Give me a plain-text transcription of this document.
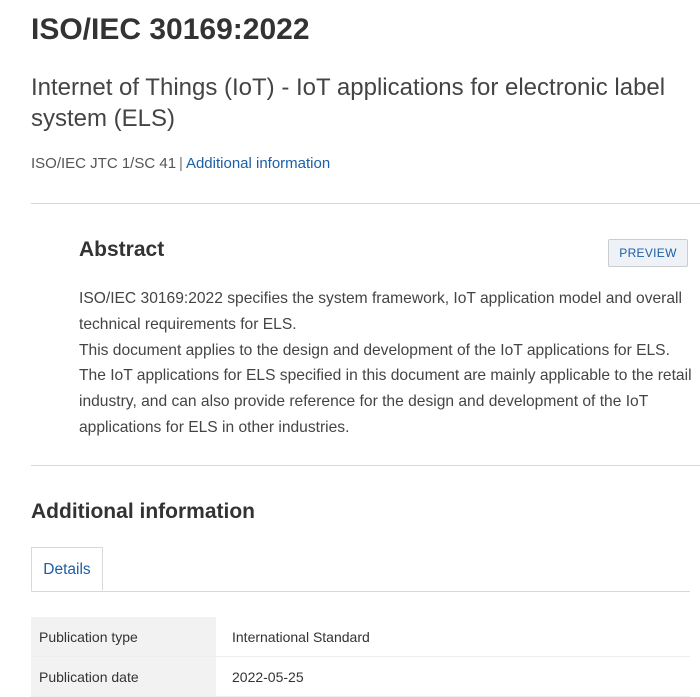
ISO/IEC 30169:2022
Internet of Things (IoT) - IoT applications for electronic label system (ELS)
ISO/IEC JTC 1/SC 41 | Additional information
Abstract	PREVIEW

ISO/IEC 30169:2022 specifies the system framework, IoT application model and overall technical requirements for ELS.

This document applies to the design and development of the IoT applications for ELS. The IoT applications for ELS specified in this document are mainly applicable to the retail industry, and can also provide reference for the design and development of the IoT applications for ELS in other industries.

Additional information
Details
Publication type	International Standard
Publication date	2022-05-25
